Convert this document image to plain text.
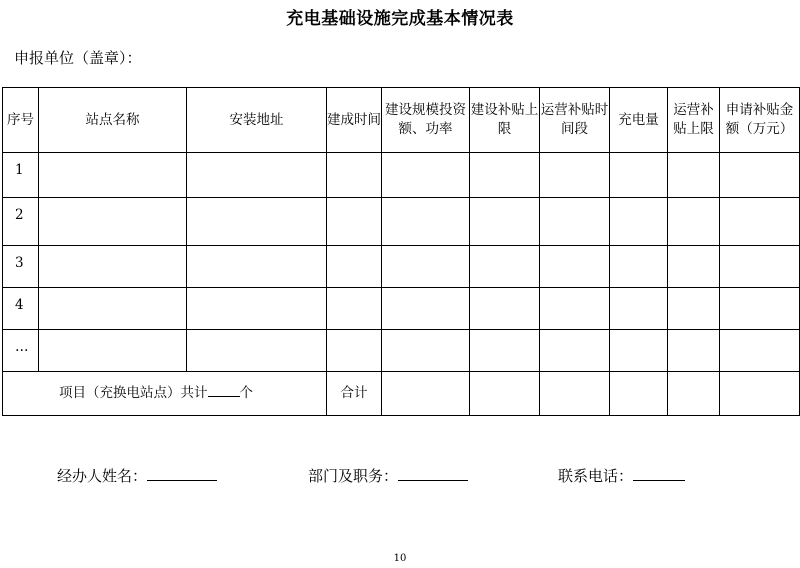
充电基础设施完成基本情况表
申报单位（盖章）：
序号	站点名称	安装地址	建成时间	建设规模投资额、功率	建设补贴上限	运营补贴时间段	充电量	运营补贴上限	申请补贴金额（万元）
1									
2									
3									
4									
…									
项目（充换电站点）共计 个			合计						
经办人姓名：	部门及职务：	联系电话：
10
